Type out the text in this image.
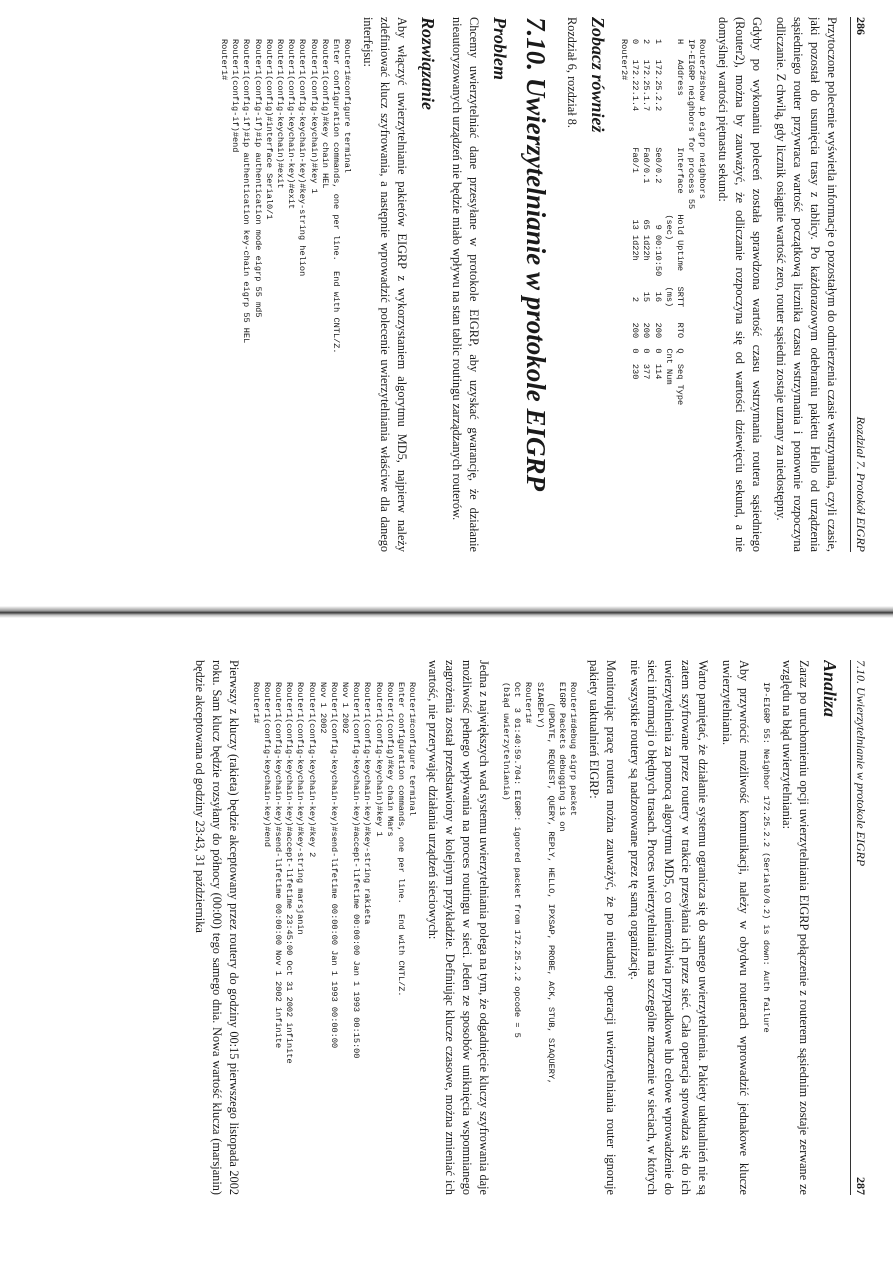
286
Rozdział 7. Protokół EIGRP

Przytoczone polecenie wyświetla informacje o pozostałym do odmierzenia czasie wstrzymania, czyli czasie, jaki pozostał do usunięcia trasy z tablicy. Po każdorazowym odebraniu pakietu Hello od urządzenia sąsiedniego router przywraca wartość początkową licznika czasu wstrzymania i ponownie rozpoczyna odliczanie. Z chwilą, gdy licznik osiągnie wartość zero, router sąsiedni zostaje uznany za niedostępny.

Gdyby po wykonaniu poleceń została sprawdzona wartość czasu wstrzymania routera sąsiedniego (Router2), można by zauważyć, że odliczanie rozpoczyna się od wartości dziewięciu sekund, a nie domyślnej wartości piętnastu sekund:

Router2#show ip eigrp neighbors
IP-EIGRP neighbors for process 55
H   Address          Interface    Hold Uptime   SRTT   RTO  Q  Seq Type
(sec)         (ms)        Cnt Num
1   172.25.2.2       Se0/0.2        9 00:10:50   16    200  0  114
2   172.25.1.7       Fa0/0.1       65 1d22h      15    200  0  377
0   172.22.1.4       Fa0/1         13 1d22h       2    200  0  230
Router2#
Zobacz również

Rozdział 6, rozdział 8.

7.10. Uwierzytelnianie w protokole EIGRP
Problem

Chcemy uwierzytelniać dane przesyłane w protokole EIGRP, aby uzyskać gwarancję, że działanie nieautoryzowanych urządzeń nie będzie miało wpływu na stan tablic routingu zarządzanych routerów.

Rozwiązanie

Aby włączyć uwierzytelnianie pakietów EIGRP z wykorzystaniem algorytmu MD5, najpierw należy zdefiniować klucz szyfrowania, a następnie wprowadzić polecenie uwierzytelniania właściwe dla danego interfejsu:

Router1#configure terminal
Enter configuration commands, one per line.  End with CNTL/Z.
Router1(config)#key chain HEL
Router1(config-keychain)#key 1
Router1(config-keychain-key)#key-string helion
Router1(config-keychain-key)#exit
Router1(config-keychain)#exit
Router1(config)#interface Serial0/1
Router1(config-if)#ip authentication mode eigrp 55 md5
Router1(config-if)#ip authentication key-chain eigrp 55 HEL
Router1(config-if)#end
Router1#
7.10. Uwierzytelnianie w protokole EIGRP
287
Analiza

Zaraz po uruchomieniu opcji uwierzytelniania EIGRP połączenie z routerem sąsiednim zostaje zerwane ze względu na błąd uwierzytelniania:

IP-EIGRP 55: Neighbor 172.25.2.2 (Serial0/0.2) is down: Auth failure

Aby przywrócić możliwość komunikacji, należy w obydwu routerach wprowadzić jednakowe klucze uwierzytelniania.

Warto pamiętać, że działanie systemu ogranicza się do samego uwierzytelnienia. Pakiety uaktualnień nie są zatem szyfrowane przez routery w trakcie przesyłania ich przez sieć. Cała operacja sprowadza się do ich uwierzytelnienia za pomocą algorytmu MD5, co uniemożliwia przypadkowe lub celowe wprowadzenie do sieci informacji o błędnych trasach. Proces uwierzytelniania ma szczególne znaczenie w sieciach, w których nie wszystkie routery są nadzorowane przez tę samą organizację.

Monitorując pracę routera można zauważyć, że po nieudanej operacji uwierzytelniania router ignoruje pakiety uaktualnień EIGRP:

Router1#debug eigrp packet
EIGRP Packets debugging is on
(UPDATE, REQUEST, QUERY, REPLY, HELLO, IPXSAP, PROBE, ACK, STUB, SIAQUERY,
SIAREPLY)
Router1#
Oct  3 01:40:59.704: EIGRP: ignored packet from 172.25.2.2 opcode = 5
(błąd uwierzytelniania)

Jedna z największych wad systemu uwierzytelniania polega na tym, że odgadnięcie kluczy szyfrowania daje możliwość pełnego wpływania na proces routingu w sieci. Jeden ze sposobów uniknięcia wspomnianego zagrożenia został przedstawiony w kolejnym przykładzie. Definiując klucze czasowe, można zmieniać ich wartość, nie przerywając działania urządzeń sieciowych:

Router1#configure terminal
Enter configuration commands, one per line.  End with CNTL/Z.
Router1(config)#key chain Mars
Router1(config-keychain)#key 1
Router1(config-keychain-key)#key-string rakieta
Router1(config-keychain-key)#accept-lifetime 00:00:00 Jan 1 1993 00:15:00
Nov 1 2002
Router1(config-keychain-key)#send-lifetime 00:00:00 Jan 1 1993 00:00:00
Nov 1 2002
Router1(config-keychain-key)#key 2
Router1(config-keychain-key)#key-string marsjanin
Router1(config-keychain-key)#accept-lifetime 23:45:00 Oct 31 2002 infinite
Router1(config-keychain-key)#send-lifetime 00:00:00 Nov 1 2002 infinite
Router1(config-keychain-key)#end
Router1#

Pierwszy z kluczy (rakieta) będzie akceptowany przez routery do godziny 00:15 pierwszego listopada 2002 roku. Sam klucz będzie rozsyłany do północy (00:00) tego samego dnia. Nowa wartość klucza (marsjanin) będzie akceptowana od godziny 23:43, 31 października
